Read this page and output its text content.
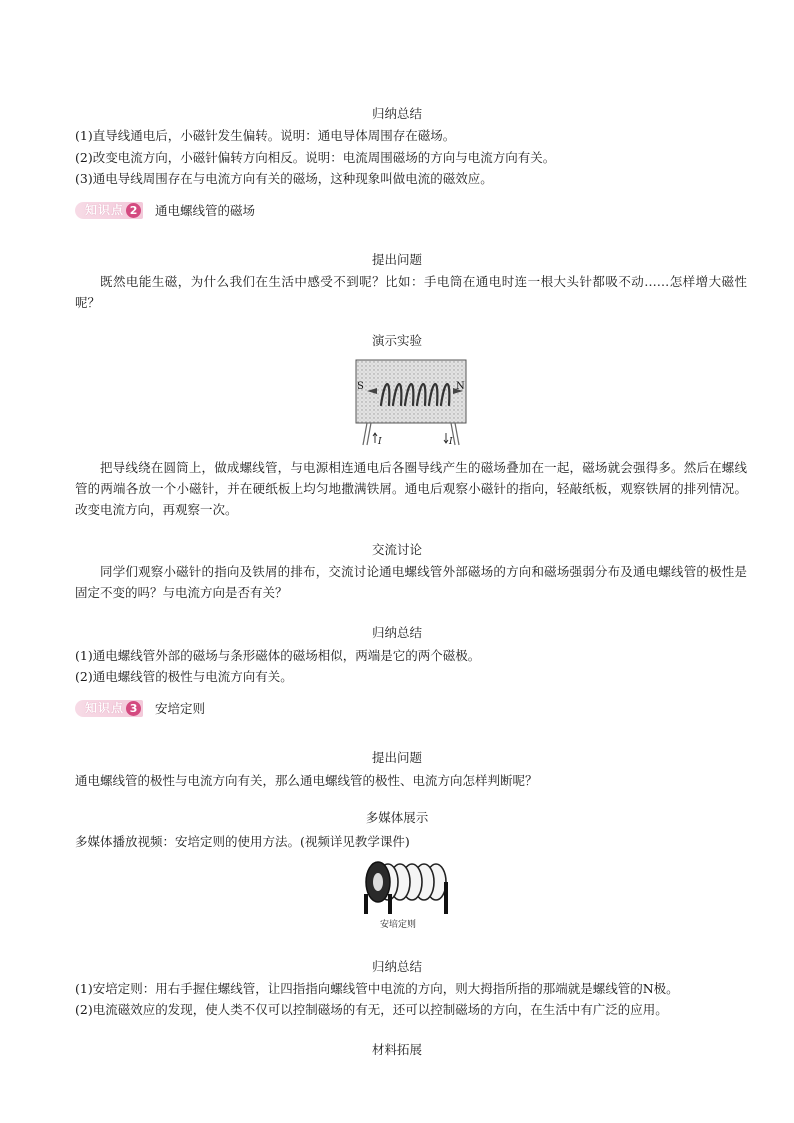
归纳总结
(1)直导线通电后，小磁针发生偏转。说明：通电导体周围存在磁场。
(2)改变电流方向，小磁针偏转方向相反。说明：电流周围磁场的方向与电流方向有关。
(3)通电导线周围存在与电流方向有关的磁场，这种现象叫做电流的磁效应。
知识点 2 通电螺线管的磁场
提出问题
既然电能生磁，为什么我们在生活中感受不到呢？比如：手电筒在通电时连一根大头针都吸不动……怎样增大磁性呢？
演示实验
S	N
I	I
把导线绕在圆筒上，做成螺线管，与电源相连通电后各圈导线产生的磁场叠加在一起，磁场就会强得多。然后在螺线管的两端各放一个小磁针，并在硬纸板上均匀地撒满铁屑。通电后观察小磁针的指向，轻敲纸板，观察铁屑的排列情况。改变电流方向，再观察一次。
交流讨论
同学们观察小磁针的指向及铁屑的排布，交流讨论通电螺线管外部磁场的方向和磁场强弱分布及通电螺线管的极性是固定不变的吗？与电流方向是否有关？
归纳总结
(1)通电螺线管外部的磁场与条形磁体的磁场相似，两端是它的两个磁极。
(2)通电螺线管的极性与电流方向有关。
知识点 3 安培定则
提出问题
通电螺线管的极性与电流方向有关，那么通电螺线管的极性、电流方向怎样判断呢？
多媒体展示
多媒体播放视频：安培定则的使用方法。(视频详见教学课件)
安培定则
归纳总结
(1)安培定则：用右手握住螺线管，让四指指向螺线管中电流的方向，则大拇指所指的那端就是螺线管的N极。
(2)电流磁效应的发现，使人类不仅可以控制磁场的有无，还可以控制磁场的方向，在生活中有广泛的应用。
材料拓展
